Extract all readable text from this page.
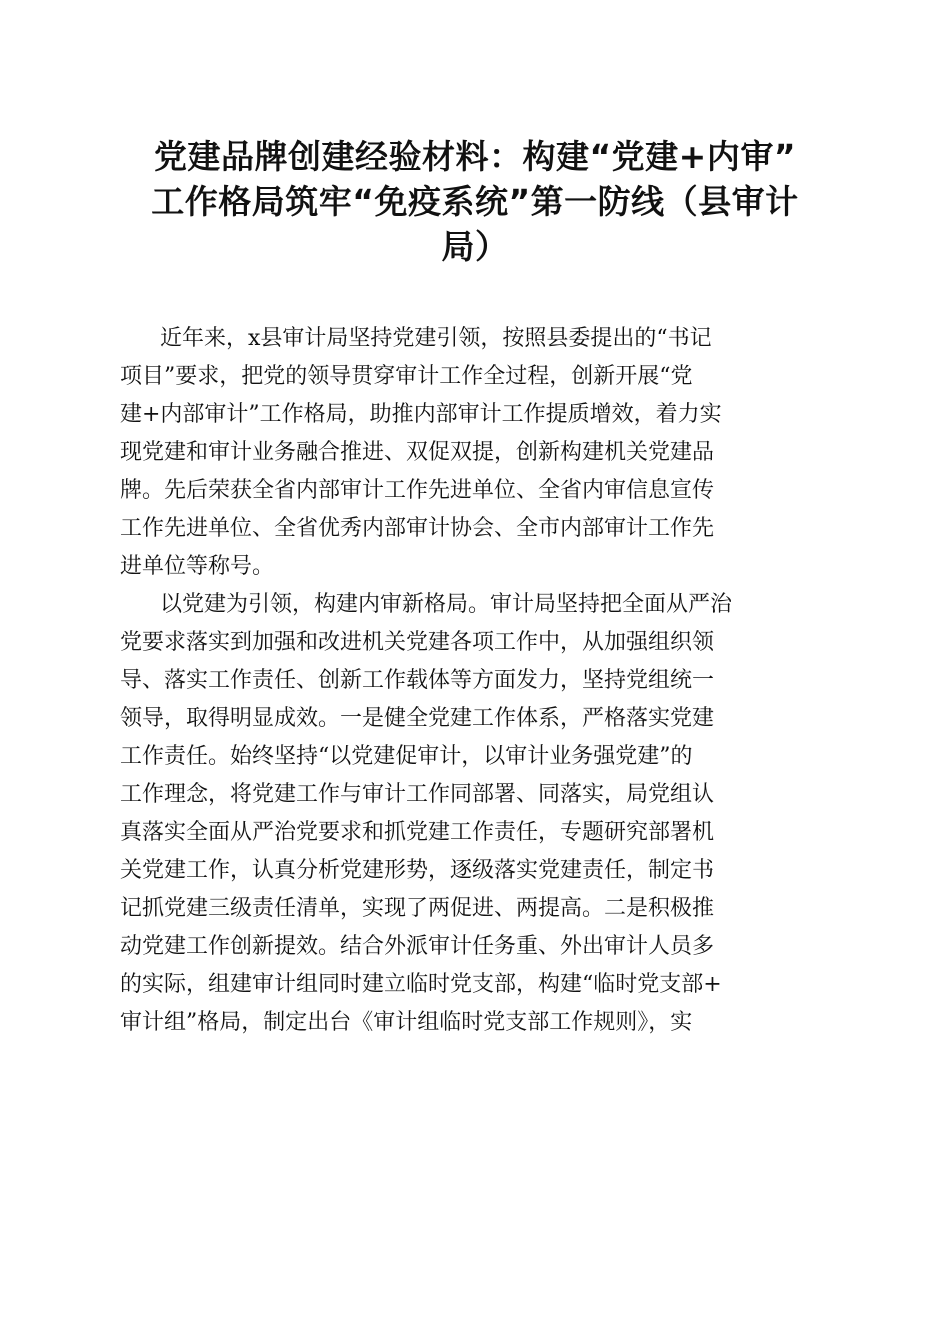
党建品牌创建经验材料：构建“党建+内审”
工作格局筑牢“免疫系统”第一防线（县审计
局）
近年来，x县审计局坚持党建引领，按照县委提出的“书记
项目”要求，把党的领导贯穿审计工作全过程，创新开展“党
建+内部审计”工作格局，助推内部审计工作提质增效，着力实
现党建和审计业务融合推进、双促双提，创新构建机关党建品
牌。先后荣获全省内部审计工作先进单位、全省内审信息宣传
工作先进单位、全省优秀内部审计协会、全市内部审计工作先
进单位等称号。
以党建为引领，构建内审新格局。审计局坚持把全面从严治
党要求落实到加强和改进机关党建各项工作中，从加强组织领
导、落实工作责任、创新工作载体等方面发力，坚持党组统一
领导，取得明显成效。一是健全党建工作体系，严格落实党建
工作责任。始终坚持“以党建促审计，以审计业务强党建”的
工作理念，将党建工作与审计工作同部署、同落实，局党组认
真落实全面从严治党要求和抓党建工作责任，专题研究部署机
关党建工作，认真分析党建形势，逐级落实党建责任，制定书
记抓党建三级责任清单，实现了两促进、两提高。二是积极推
动党建工作创新提效。结合外派审计任务重、外出审计人员多
的实际，组建审计组同时建立临时党支部，构建“临时党支部+
审计组”格局，制定出台《审计组临时党支部工作规则》，实
